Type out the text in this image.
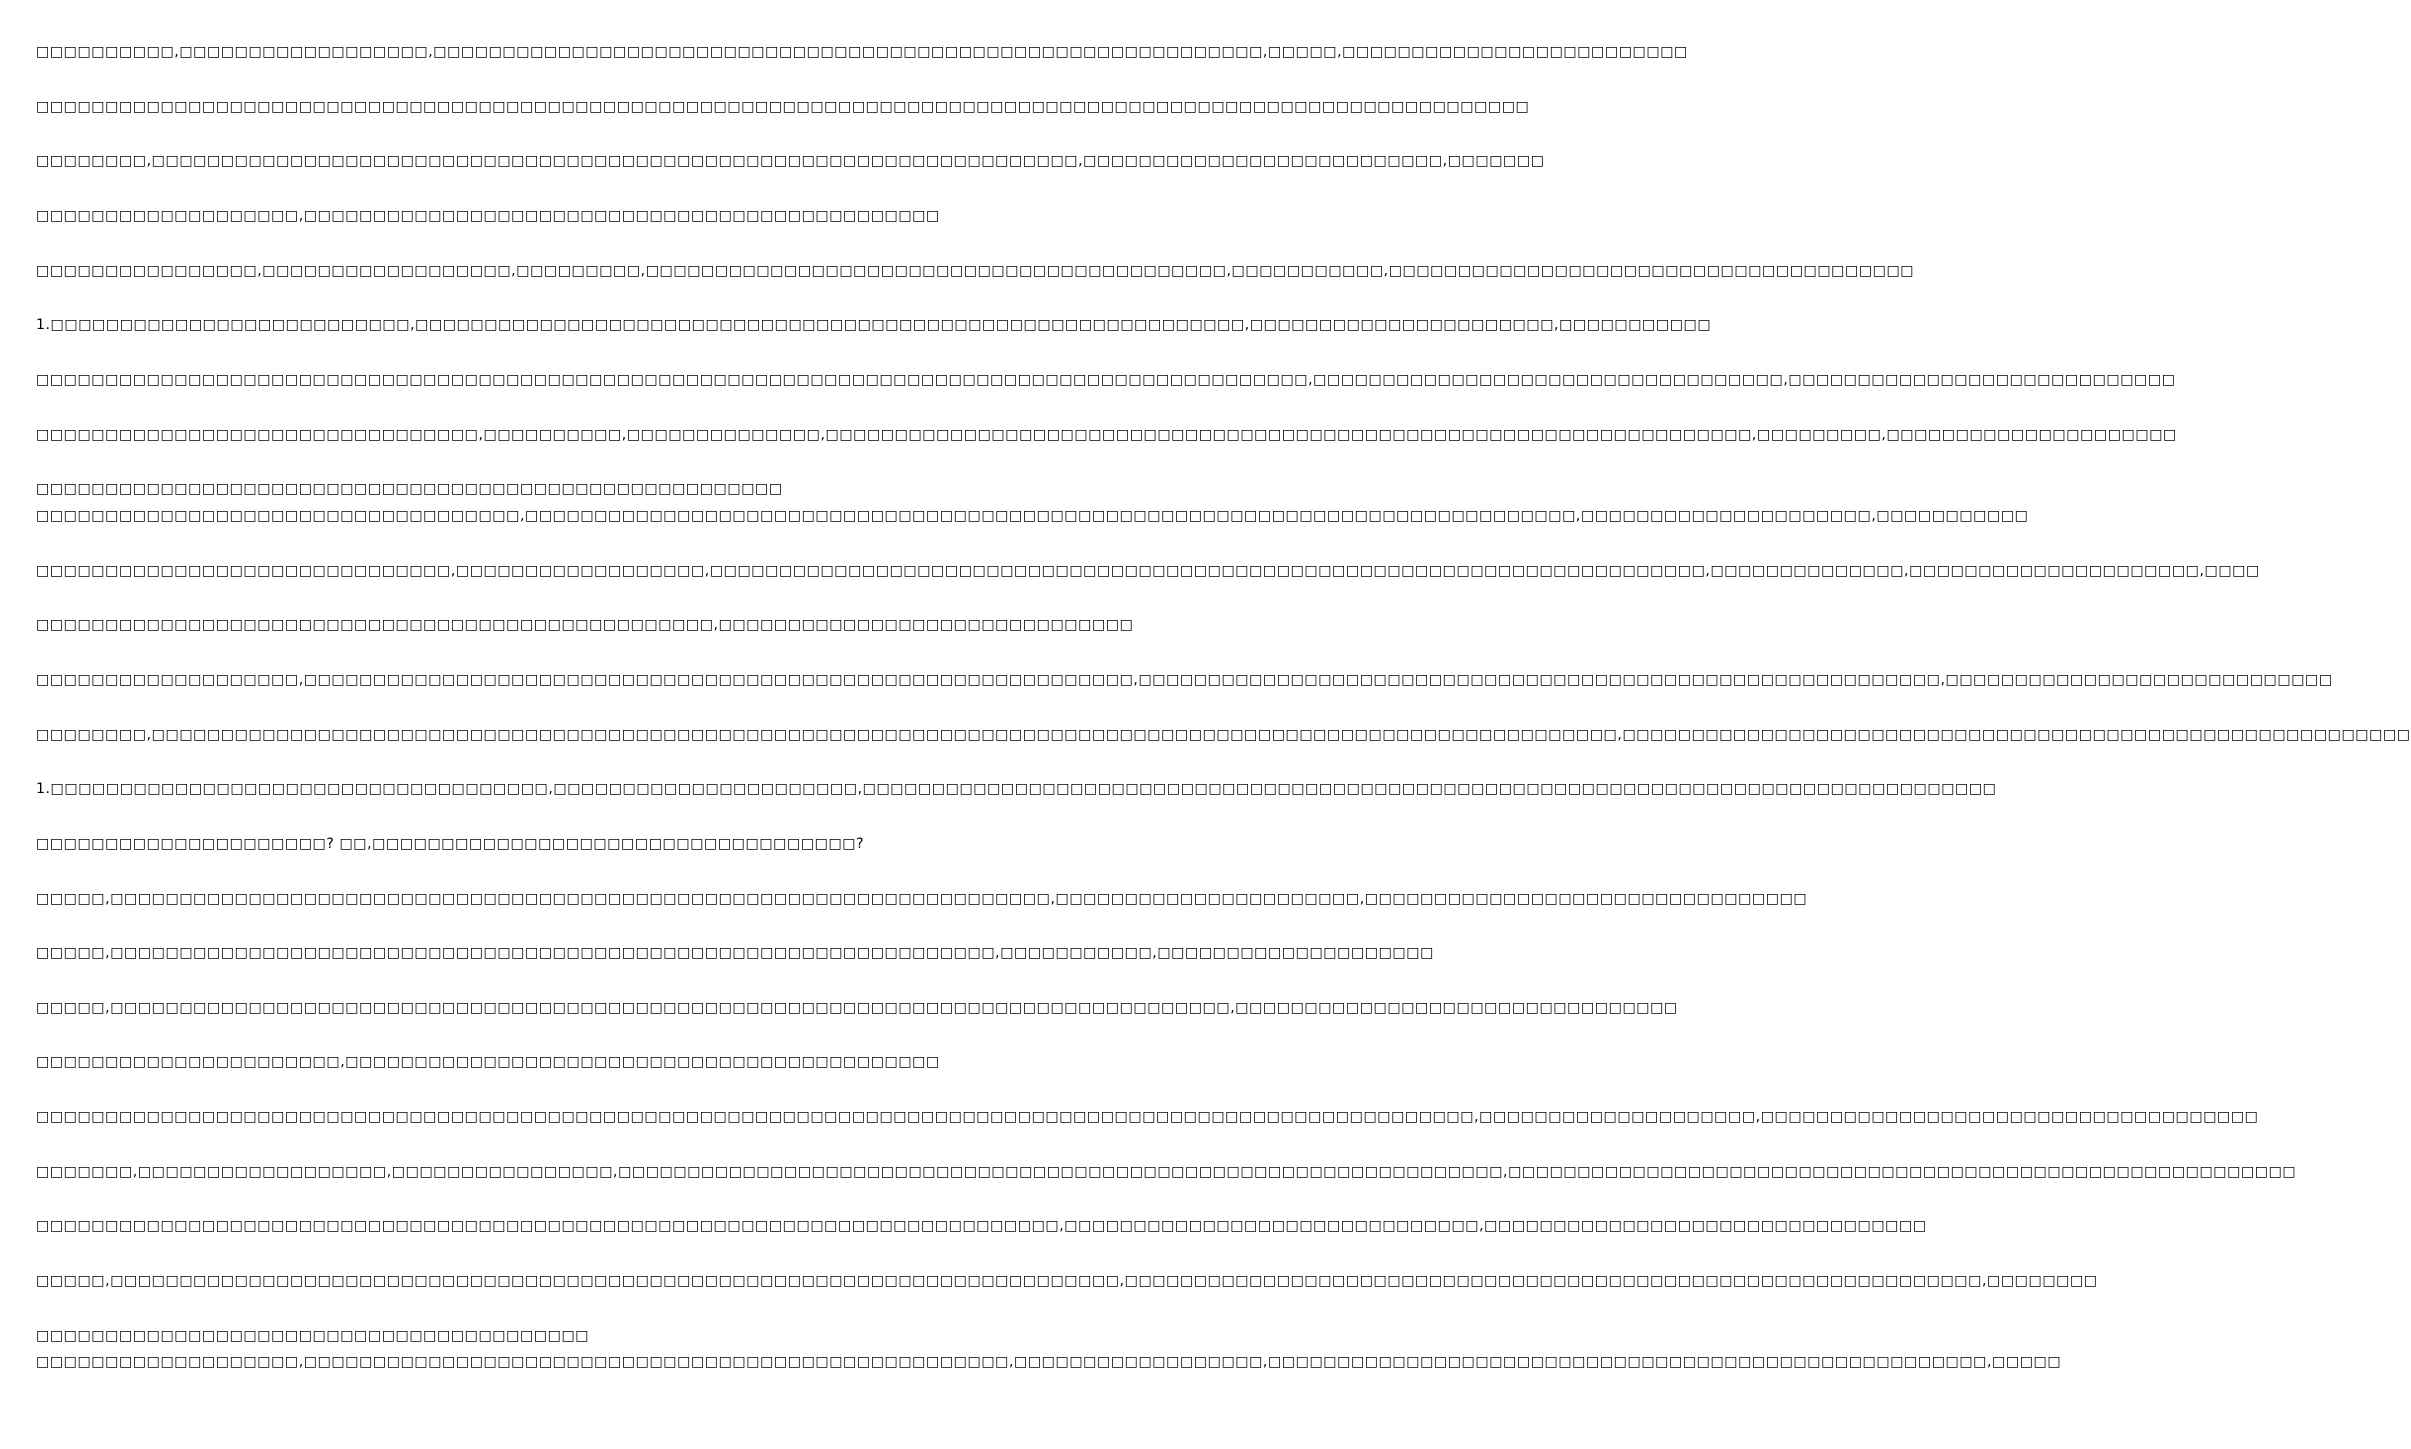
□□□□□□□□□□,□□□□□□□□□□□□□□□□□□,□□□□□□□□□□□□□□□□□□□□□□□□□□□□□□□□□□□□□□□□□□□□□□□□□□□□□□□□□□□□,□□□□□,□□□□□□□□□□□□□□□□□□□□□□□□□
□□□□□□□□□□□□□□□□□□□□□□□□□□□□□□□□□□□□□□□□□□□□□□□□□□□□□□□□□□□□□□□□□□□□□□□□□□□□□□□□□□□□□□□□□□□□□□□□□□□□□□□□□□□□
□□□□□□□□,□□□□□□□□□□□□□□□□□□□□□□□□□□□□□□□□□□□□□□□□□□□□□□□□□□□□□□□□□□□□□□□□□□□,□□□□□□□□□□□□□□□□□□□□□□□□□□,□□□□□□□
□□□□□□□□□□□□□□□□□□□,□□□□□□□□□□□□□□□□□□□□□□□□□□□□□□□□□□□□□□□□□□□□□□
□□□□□□□□□□□□□□□□,□□□□□□□□□□□□□□□□□□,□□□□□□□□□,□□□□□□□□□□□□□□□□□□□□□□□□□□□□□□□□□□□□□□□□□□,□□□□□□□□□□□,□□□□□□□□□□□□□□□□□□□□□□□□□□□□□□□□□□□□□□
1.□□□□□□□□□□□□□□□□□□□□□□□□□□,□□□□□□□□□□□□□□□□□□□□□□□□□□□□□□□□□□□□□□□□□□□□□□□□□□□□□□□□□□□□,□□□□□□□□□□□□□□□□□□□□□□,□□□□□□□□□□□
□□□□□□□□□□□□□□□□□□□□□□□□□□□□□□□□□□□□□□□□□□□□□□□□□□□□□□□□□□□□□□□□□□□□□□□□□□□□□□□□□□□□□□□□□□□□,□□□□□□□□□□□□□□□□□□□□□□□□□□□□□□□□□□,□□□□□□□□□□□□□□□□□□□□□□□□□□□□
□□□□□□□□□□□□□□□□□□□□□□□□□□□□□□□□,□□□□□□□□□□,□□□□□□□□□□□□□□,□□□□□□□□□□□□□□□□□□□□□□□□□□□□□□□□□□□□□□□□□□□□□□□□□□□□□□□□□□□□□□□□□□□,□□□□□□□□□,□□□□□□□□□□□□□□□□□□□□□
□□□□□□□□□□□□□□□□□□□□□□□□□□□□□□□□□□□□□□□□□□□□□□□□□□□□□□
□□□□□□□□□□□□□□□□□□□□□□□□□□□□□□□□□□□,□□□□□□□□□□□□□□□□□□□□□□□□□□□□□□□□□□□□□□□□□□□□□□□□□□□□□□□□□□□□□□□□□□□□□□□□□□□□,□□□□□□□□□□□□□□□□□□□□□,□□□□□□□□□□□
□□□□□□□□□□□□□□□□□□□□□□□□□□□□□□,□□□□□□□□□□□□□□□□□□,□□□□□□□□□□□□□□□□□□□□□□□□□□□□□□□□□□□□□□□□□□□□□□□□□□□□□□□□□□□□□□□□□□□□□□□□,□□□□□□□□□□□□□□,□□□□□□□□□□□□□□□□□□□□□,□□□□
□□□□□□□□□□□□□□□□□□□□□□□□□□□□□□□□□□□□□□□□□□□□□□□□□,□□□□□□□□□□□□□□□□□□□□□□□□□□□□□□
□□□□□□□□□□□□□□□□□□□,□□□□□□□□□□□□□□□□□□□□□□□□□□□□□□□□□□□□□□□□□□□□□□□□□□□□□□□□□□□□,□□□□□□□□□□□□□□□□□□□□□□□□□□□□□□□□□□□□□□□□□□□□□□□□□□□□□□□□□□,□□□□□□□□□□□□□□□□□□□□□□□□□□□□
□□□□□□□□,□□□□□□□□□□□□□□□□□□□□□□□□□□□□□□□□□□□□□□□□□□□□□□□□□□□□□□□□□□□□□□□□□□□□□□□□□□□□□□□□□□□□□□□□□□□□□□□□□□□□□□□□□□,□□□□□□□□□□□□□□□□□□□□□□□□□□□□□□□□□□□□□□□□□□□□□□□□□□□□□□□□□
1.□□□□□□□□□□□□□□□□□□□□□□□□□□□□□□□□□□□□,□□□□□□□□□□□□□□□□□□□□□□,□□□□□□□□□□□□□□□□□□□□□□□□□□□□□□□□□□□□□□□□□□□□□□□□□□□□□□□□□□□□□□□□□□□□□□□□□□□□□□□□□□
□□□□□□□□□□□□□□□□□□□□□? □□,□□□□□□□□□□□□□□□□□□□□□□□□□□□□□□□□□□□?
□□□□□,□□□□□□□□□□□□□□□□□□□□□□□□□□□□□□□□□□□□□□□□□□□□□□□□□□□□□□□□□□□□□□□□□□□□,□□□□□□□□□□□□□□□□□□□□□□,□□□□□□□□□□□□□□□□□□□□□□□□□□□□□□□□
□□□□□,□□□□□□□□□□□□□□□□□□□□□□□□□□□□□□□□□□□□□□□□□□□□□□□□□□□□□□□□□□□□□□□□,□□□□□□□□□□□,□□□□□□□□□□□□□□□□□□□□
□□□□□,□□□□□□□□□□□□□□□□□□□□□□□□□□□□□□□□□□□□□□□□□□□□□□□□□□□□□□□□□□□□□□□□□□□□□□□□□□□□□□□□□,□□□□□□□□□□□□□□□□□□□□□□□□□□□□□□□□
□□□□□□□□□□□□□□□□□□□□□□,□□□□□□□□□□□□□□□□□□□□□□□□□□□□□□□□□□□□□□□□□□□
□□□□□□□□□□□□□□□□□□□□□□□□□□□□□□□□□□□□□□□□□□□□□□□□□□□□□□□□□□□□□□□□□□□□□□□□□□□□□□□□□□□□□□□□□□□□□□□□□□□□□□□□,□□□□□□□□□□□□□□□□□□□□,□□□□□□□□□□□□□□□□□□□□□□□□□□□□□□□□□□□□
□□□□□□□,□□□□□□□□□□□□□□□□□□,□□□□□□□□□□□□□□□□,□□□□□□□□□□□□□□□□□□□□□□□□□□□□□□□□□□□□□□□□□□□□□□□□□□□□□□□□□□□□□□□□,□□□□□□□□□□□□□□□□□□□□□□□□□□□□□□□□□□□□□□□□□□□□□□□□□□□□□□□□□
□□□□□□□□□□□□□□□□□□□□□□□□□□□□□□□□□□□□□□□□□□□□□□□□□□□□□□□□□□□□□□□□□□□□□□□□□□,□□□□□□□□□□□□□□□□□□□□□□□□□□□□□□,□□□□□□□□□□□□□□□□□□□□□□□□□□□□□□□□
□□□□□,□□□□□□□□□□□□□□□□□□□□□□□□□□□□□□□□□□□□□□□□□□□□□□□□□□□□□□□□□□□□□□□□□□□□□□□□□,□□□□□□□□□□□□□□□□□□□□□□□□□□□□□□□□□□□□□□□□□□□□□□□□□□□□□□□□□□□□□□,□□□□□□□□
□□□□□□□□□□□□□□□□□□□□□□□□□□□□□□□□□□□□□□□□
□□□□□□□□□□□□□□□□□□□,□□□□□□□□□□□□□□□□□□□□□□□□□□□□□□□□□□□□□□□□□□□□□□□□□□□,□□□□□□□□□□□□□□□□□□,□□□□□□□□□□□□□□□□□□□□□□□□□□□□□□□□□□□□□□□□□□□□□□□□□□□□,□□□□□
